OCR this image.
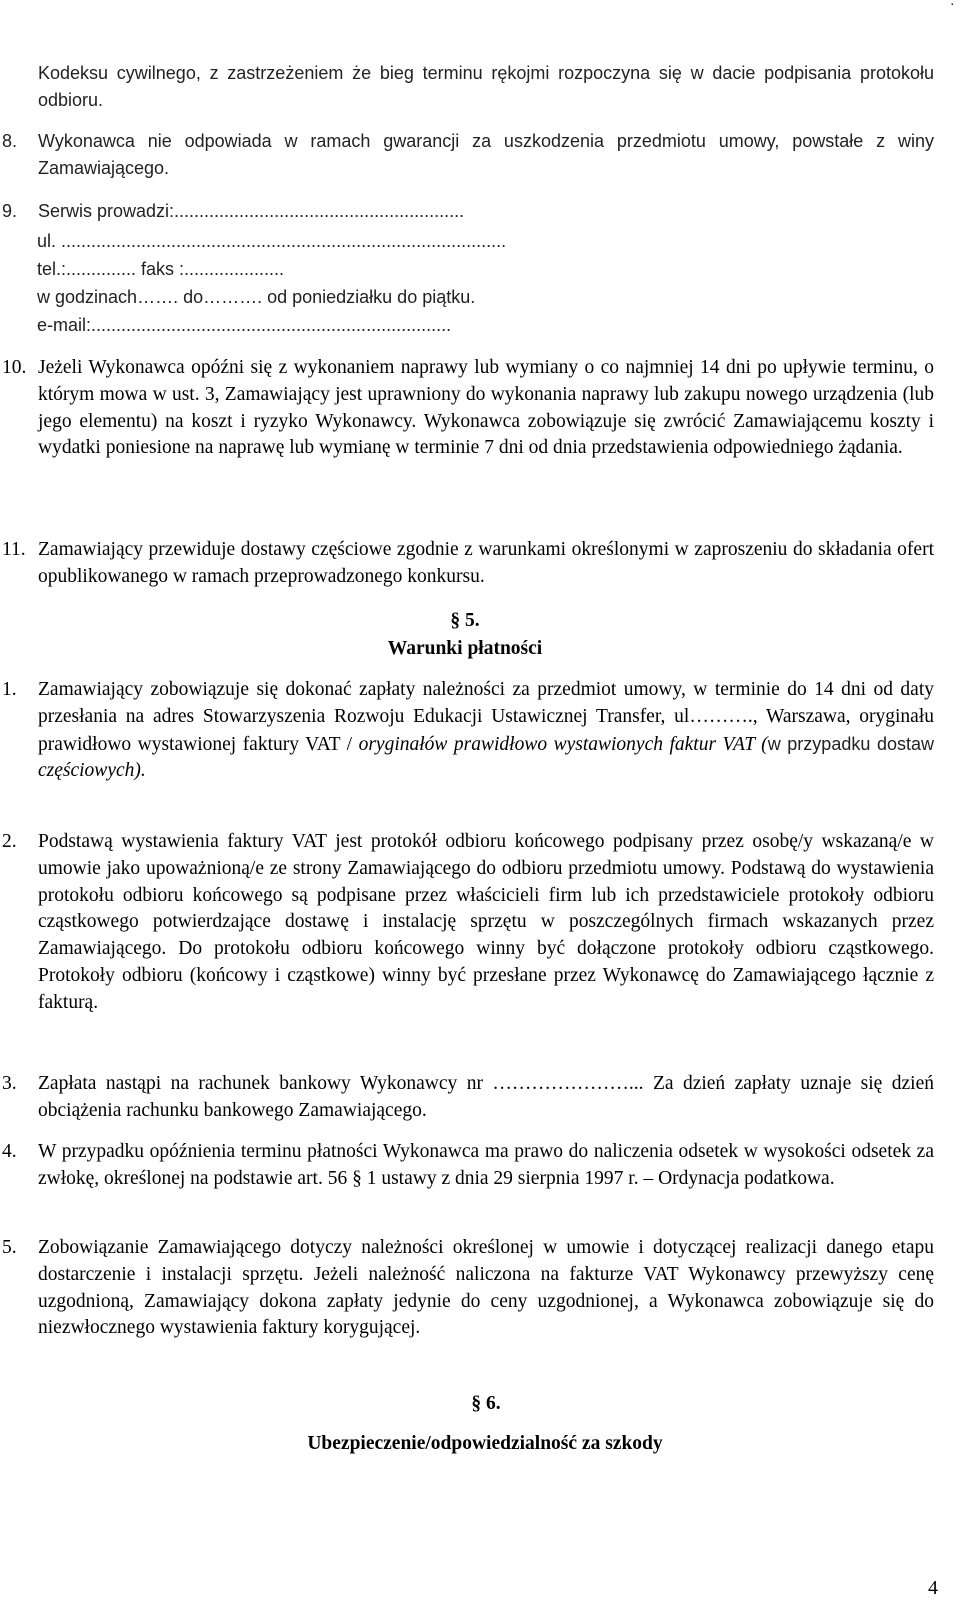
.
Kodeksu cywilnego, z zastrzeżeniem że bieg terminu rękojmi rozpoczyna się w dacie podpisania protokołu odbioru.
8. Wykonawca nie odpowiada w ramach gwarancji za uszkodzenia przedmiotu umowy, powstałe z winy Zamawiającego.
9. Serwis prowadzi:..........................................................
ul. .........................................................................................
tel.:.............. faks :....................
w godzinach……. do………. od poniedziałku do piątku.
e-mail:........................................................................
10. Jeżeli Wykonawca opóźni się z wykonaniem naprawy lub wymiany o co najmniej 14 dni po upływie terminu, o którym mowa w ust. 3, Zamawiający jest uprawniony do wykonania naprawy lub zakupu nowego urządzenia (lub jego elementu) na koszt i ryzyko Wykonawcy. Wykonawca zobowiązuje się zwrócić Zamawiającemu koszty i wydatki poniesione na naprawę lub wymianę w terminie 7 dni od dnia przedstawienia odpowiedniego żądania.
11. Zamawiający przewiduje dostawy częściowe zgodnie z warunkami określonymi w zaproszeniu do składania ofert opublikowanego w ramach przeprowadzonego konkursu.
§ 5.
Warunki płatności
1. Zamawiający zobowiązuje się dokonać zapłaty należności za przedmiot umowy, w terminie do 14 dni od daty przesłania na adres Stowarzyszenia Rozwoju Edukacji Ustawicznej Transfer, ul………., Warszawa, oryginału prawidłowo wystawionej faktury VAT / oryginałów prawidłowo wystawionych faktur VAT (w przypadku dostaw częściowych).
2. Podstawą wystawienia faktury VAT jest protokół odbioru końcowego podpisany przez osobę/y wskazaną/e w umowie jako upoważnioną/e ze strony Zamawiającego do odbioru przedmiotu umowy. Podstawą do wystawienia protokołu odbioru końcowego są podpisane przez właścicieli firm lub ich przedstawiciele protokoły odbioru cząstkowego potwierdzające dostawę i instalację sprzętu w poszczególnych firmach wskazanych przez Zamawiającego. Do protokołu odbioru końcowego winny być dołączone protokoły odbioru cząstkowego. Protokoły odbioru (końcowy i cząstkowe) winny być przesłane przez Wykonawcę do Zamawiającego łącznie z fakturą.
3. Zapłata nastąpi na rachunek bankowy Wykonawcy nr …………………... Za dzień zapłaty uznaje się dzień obciążenia rachunku bankowego Zamawiającego.
4. W przypadku opóźnienia terminu płatności Wykonawca ma prawo do naliczenia odsetek w wysokości odsetek za zwłokę, określonej na podstawie art. 56 § 1 ustawy z dnia 29 sierpnia 1997 r. – Ordynacja podatkowa.
5. Zobowiązanie Zamawiającego dotyczy należności określonej w umowie i dotyczącej realizacji danego etapu dostarczenie i instalacji sprzętu. Jeżeli należność naliczona na fakturze VAT Wykonawcy przewyższy cenę uzgodnioną, Zamawiający dokona zapłaty jedynie do ceny uzgodnionej, a Wykonawca zobowiązuje się do niezwłocznego wystawienia faktury korygującej.
§ 6.
Ubezpieczenie/odpowiedzialność za szkody
4
